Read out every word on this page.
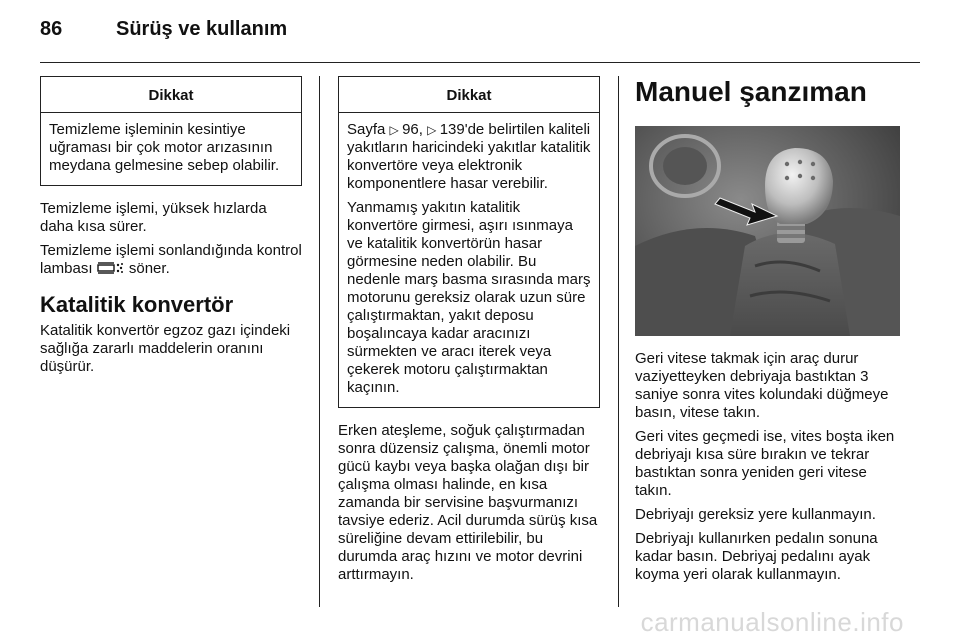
86	Sürüş ve kullanım
Dikkat

Temizleme işleminin kesintiye uğraması bir çok motor arızasının meydana gelmesine sebep olabilir.

Temizleme işlemi, yüksek hızlarda daha kısa sürer.

Temizleme işlemi sonlandığında kontrol lambası  söner.

Katalitik konvertör

Katalitik konvertör egzoz gazı içindeki sağlığa zararlı maddelerin oranını düşürür.

Dikkat

Sayfa ▷ 96, ▷ 139'de belirtilen kaliteli yakıtların haricindeki yakıtlar katalitik konvertöre veya elektronik komponentlere hasar verebilir.

Yanmamış yakıtın katalitik konvertöre girmesi, aşırı ısınmaya ve katalitik konvertörün hasar görmesine neden olabilir. Bu nedenle marş basma sırasında marş motorunu gereksiz olarak uzun süre çalıştırmaktan, yakıt deposu boşalıncaya kadar aracınızı sürmekten ve aracı iterek veya çekerek motoru çalıştırmaktan kaçının.

Erken ateşleme, soğuk çalıştırmadan sonra düzensiz çalışma, önemli motor gücü kaybı veya başka olağan dışı bir çalışma olması halinde, en kısa zamanda bir servisine başvurmanızı tavsiye ederiz. Acil durumda sürüş kısa süreliğine devam ettirilebilir, bu durumda araç hızını ve motor devrini arttırmayın.

Manuel şanzıman

Geri vitese takmak için araç durur vaziyetteyken debriyaja bastıktan 3 saniye sonra vites kolundaki düğmeye basın, vitese takın.

Geri vites geçmedi ise, vites boşta iken debriyajı kısa süre bırakın ve tekrar bastıktan sonra yeniden geri vitese takın.

Debriyajı gereksiz yere kullanmayın.

Debriyajı kullanırken pedalın sonuna kadar basın. Debriyaj pedalını ayak koyma yeri olarak kullanmayın.

carmanualsonline.info
